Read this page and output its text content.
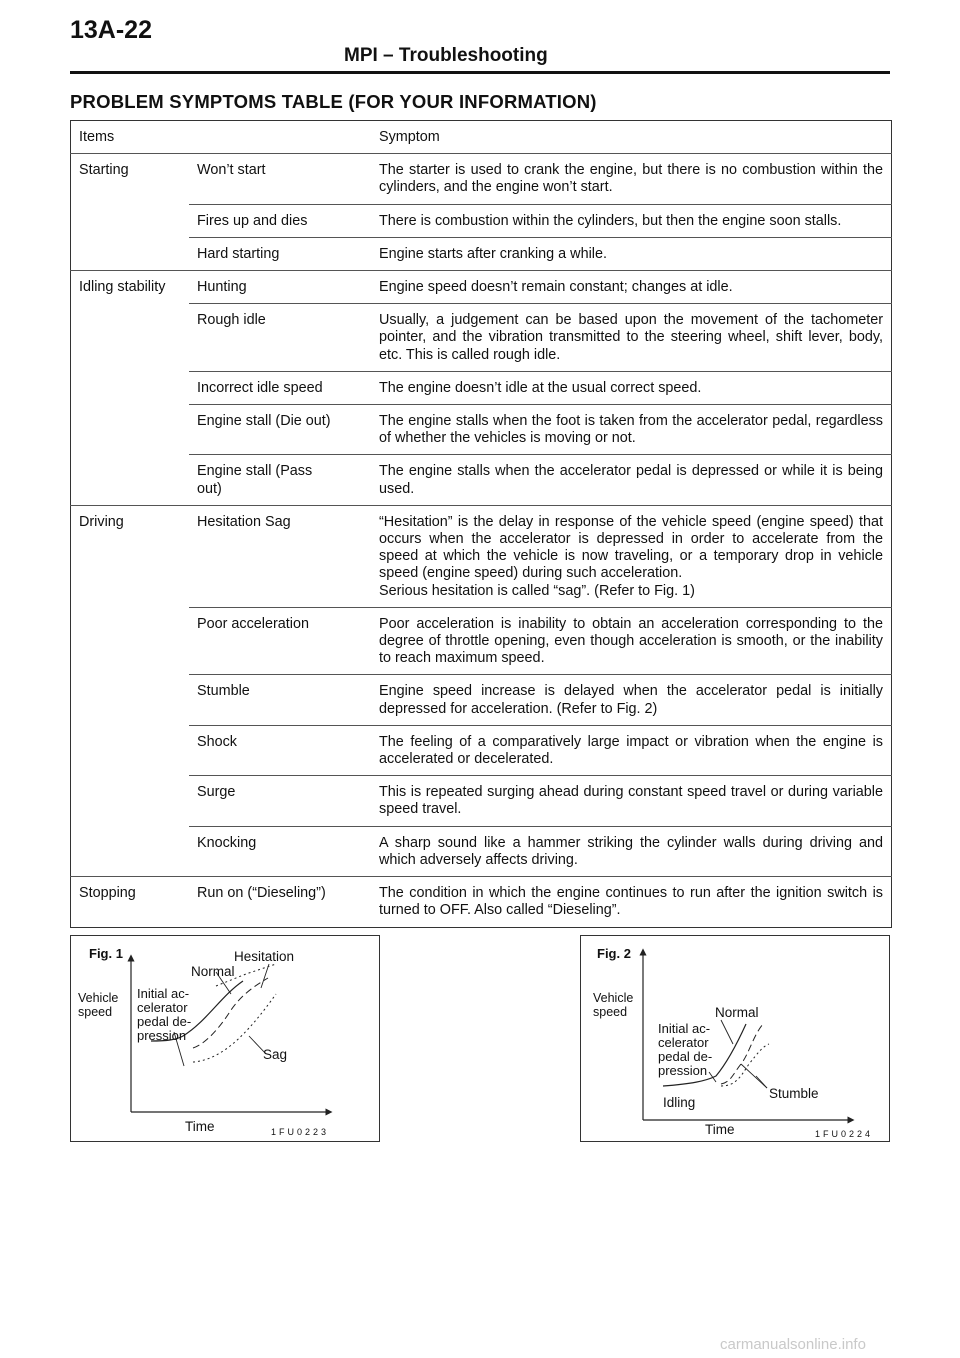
13A-22
MPI – Troubleshooting
PROBLEM SYMPTOMS TABLE (FOR YOUR INFORMATION)
Items		Symptom
Starting	Won’t start	The starter is used to crank the engine, but there is no combustion within the cylinders, and the engine won’t start.
	Fires up and dies	There is combustion within the cylinders, but then the engine soon stalls.
	Hard starting	Engine starts after cranking a while.
Idling stability	Hunting	Engine speed doesn’t remain constant; changes at idle.
	Rough idle	Usually, a judgement can be based upon the movement of the tachometer pointer, and the vibration transmitted to the steering wheel, shift lever, body, etc. This is called rough idle.
	Incorrect idle speed	The engine doesn’t idle at the usual correct speed.
	Engine stall (Die out)	The engine stalls when the foot is taken from the accelerator pedal, regardless of whether the vehicles is moving or not.
	Engine stall (Pass out)	The engine stalls when the accelerator pedal is depressed or while it is being used.
Driving	Hesitation Sag	“Hesitation” is the delay in response of the vehicle speed (engine speed) that occurs when the accelerator is depressed in order to accelerate from the speed at which the vehicle is now traveling, or a temporary drop in vehicle speed (engine speed) during such acceleration.
Serious hesitation is called “sag”. (Refer to Fig. 1)

	Poor acceleration	Poor acceleration is inability to obtain an acceleration corresponding to the degree of throttle opening, even though acceleration is smooth, or the inability to reach maximum speed.
	Stumble	Engine speed increase is delayed when the accelerator pedal is initially depressed for acceleration. (Refer to Fig. 2)
	Shock	The feeling of a comparatively large impact or vibration when the engine is accelerated or decelerated.
	Surge	This is repeated surging ahead during constant speed travel or during variable speed travel.
	Knocking	A sharp sound like a hammer striking the cylinder walls during driving and which adversely affects driving.
Stopping	Run on (“Dieseling”)	The condition in which the engine continues to run after the ignition switch is turned to OFF. Also called “Dieseling”.
Fig. 1
Vehicle speed
Hesitation
Normal
Initial ac- celerator pedal de- pression
Sag
Time	1FU0223
Fig. 2
Vehicle speed	Normal
Initial ac- celerator pedal de- pression
Stumble
Idling
Time	1FU0224
carmanualsonline.info
